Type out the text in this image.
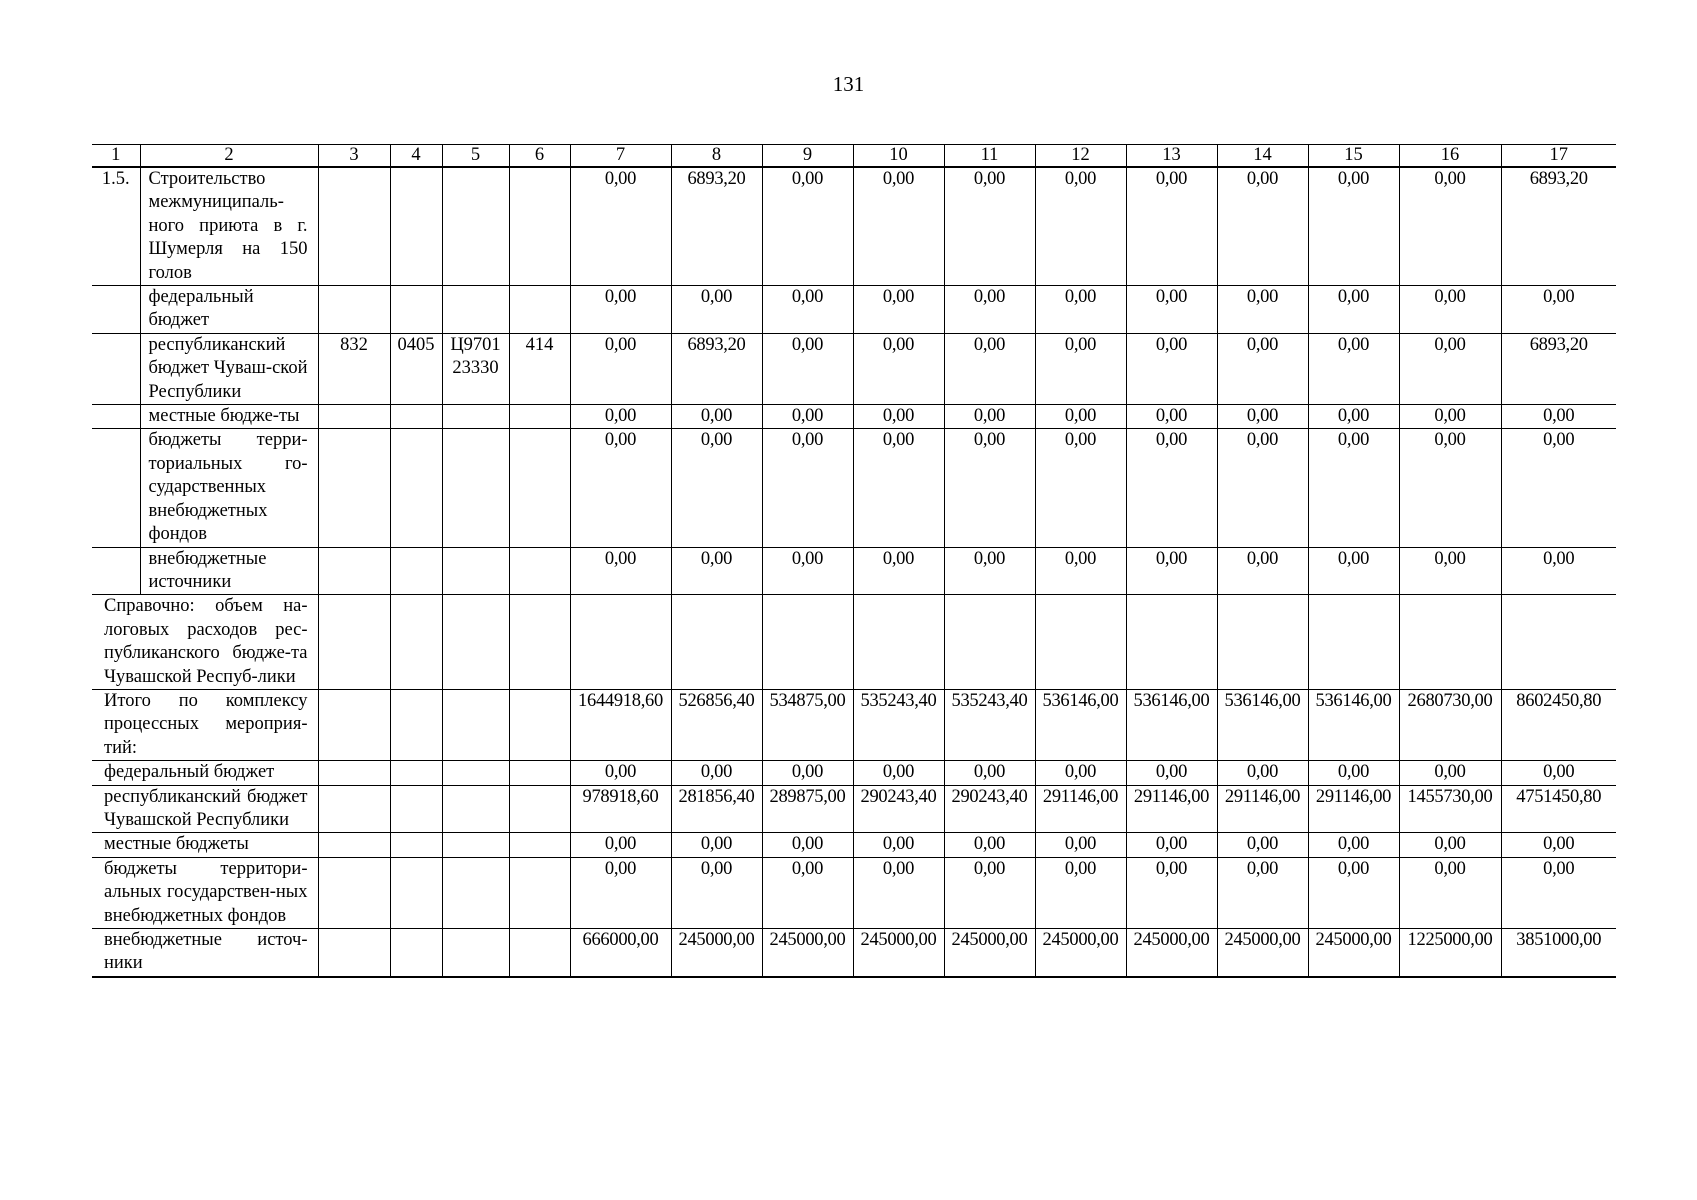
131
1	2	3	4	5	6	7	8	9	10	11	12	13	14	15	16	17
1.5.	Строительство межмуниципаль-ного приюта в г. Шумерля на 150 голов					0,00	6893,20	0,00	0,00	0,00	0,00	0,00	0,00	0,00	0,00	6893,20
	федеральный бюджет					0,00	0,00	0,00	0,00	0,00	0,00	0,00	0,00	0,00	0,00	0,00
	республиканский бюджет Чуваш-ской Республики	832	0405	Ц9701 23330	414	0,00	6893,20	0,00	0,00	0,00	0,00	0,00	0,00	0,00	0,00	6893,20
	местные бюдже-ты					0,00	0,00	0,00	0,00	0,00	0,00	0,00	0,00	0,00	0,00	0,00
	бюджеты терри-ториальных го-сударственных внебюджетных фондов					0,00	0,00	0,00	0,00	0,00	0,00	0,00	0,00	0,00	0,00	0,00
	внебюджетные источники					0,00	0,00	0,00	0,00	0,00	0,00	0,00	0,00	0,00	0,00	0,00
Справочно: объем на-логовых расходов рес-публиканского бюдже-та Чувашской Респуб-лики																
Итого по комплексу процессных мероприя-тий:						1644918,60	526856,40	534875,00	535243,40	535243,40	536146,00	536146,00	536146,00	536146,00	2680730,00	8602450,80
федеральный бюджет						0,00	0,00	0,00	0,00	0,00	0,00	0,00	0,00	0,00	0,00	0,00
республиканский бюджет Чувашской Республики						978918,60	281856,40	289875,00	290243,40	290243,40	291146,00	291146,00	291146,00	291146,00	1455730,00	4751450,80
местные бюджеты						0,00	0,00	0,00	0,00	0,00	0,00	0,00	0,00	0,00	0,00	0,00
бюджеты территори-альных государствен-ных внебюджетных фондов						0,00	0,00	0,00	0,00	0,00	0,00	0,00	0,00	0,00	0,00	0,00
внебюджетные источ-ники						666000,00	245000,00	245000,00	245000,00	245000,00	245000,00	245000,00	245000,00	245000,00	1225000,00	3851000,00
